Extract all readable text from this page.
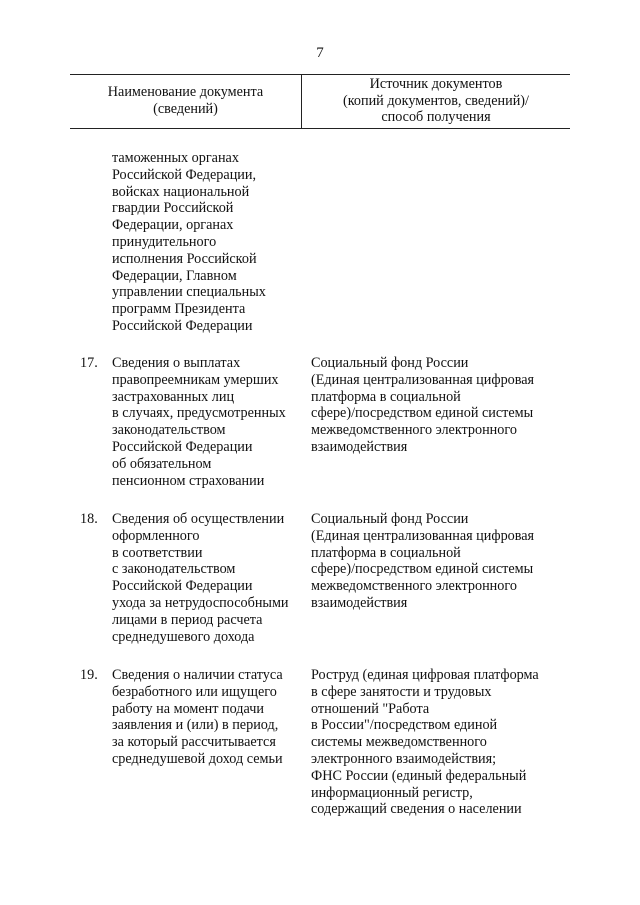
7
Наименование документа
(сведений)
Источник документов
(копий документов, сведений)/
способ получения
таможенных органах
Российской Федерации,
войсках национальной
гвардии Российской
Федерации, органах
принудительного
исполнения Российской
Федерации, Главном
управлении специальных
программ Президента
Российской Федерации
17. Сведения о выплатах
правопреемникам умерших
застрахованных лиц
в случаях, предусмотренных
законодательством
Российской Федерации
об обязательном
пенсионном страховании
Социальный фонд России
(Единая централизованная цифровая
платформа в социальной
сфере)/посредством единой системы
межведомственного электронного
взаимодействия
18. Сведения об осуществлении
оформленного
в соответствии
с законодательством
Российской Федерации
ухода за нетрудоспособными
лицами в период расчета
среднедушевого дохода
Социальный фонд России
(Единая централизованная цифровая
платформа в социальной
сфере)/посредством единой системы
межведомственного электронного
взаимодействия
19. Сведения о наличии статуса
безработного или ищущего
работу на момент подачи
заявления и (или) в период,
за который рассчитывается
среднедушевой доход семьи
Роструд (единая цифровая платформа
в сфере занятости и трудовых
отношений "Работа
в России"/посредством единой
системы межведомственного
электронного взаимодействия;
ФНС России (единый федеральный
информационный регистр,
содержащий сведения о населении
